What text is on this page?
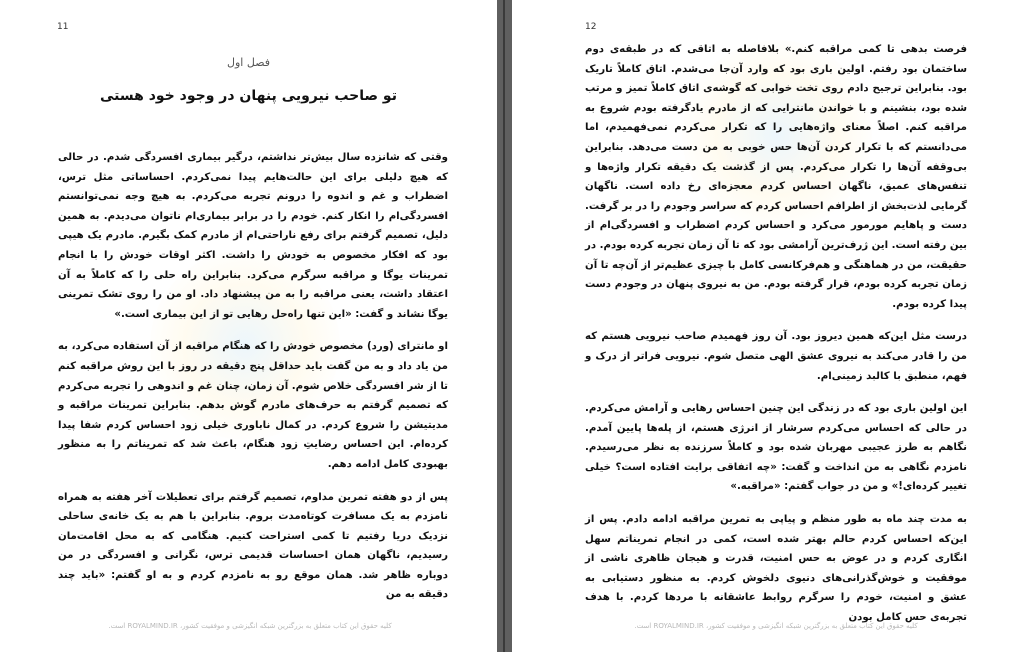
11
فصل اول
تو صاحب نیرویی پنهان در وجود خود هستی

وقتی که شانزده سال بیش‌تر نداشتم، درگیر بیماری افسردگی شدم. در حالی که هیچ دلیلی برای این حالت‌هایم پیدا نمی‌کردم. احساساتی مثل ترس، اضطراب و غم و اندوه را درونم تجربه می‌کردم. به هیچ وجه نمی‌توانستم افسردگی‌ام را انکار کنم. خودم را در برابر بیماری‌ام ناتوان می‌دیدم. به همین دلیل، تصمیم گرفتم برای رفع ناراحتی‌ام از مادرم کمک بگیرم. مادرم یک هیپی بود که افکار مخصوص به خودش را داشت. اکثر اوقات خودش را با انجام تمرینات یوگا و مراقبه سرگرم می‌کرد. بنابراین راه حلی را که کاملاً به آن اعتقاد داشت، یعنی مراقبه را به من پیشنهاد داد. او من را روی تشک تمرینی یوگا نشاند و گفت: «این تنها راه‌حل رهایی تو از این بیماری است.»

او مانترای (ورد) مخصوص خودش را که هنگام مراقبه از آن استفاده می‌کرد، به من یاد داد و به من گفت باید حداقل پنج دقیقه در روز با این روش مراقبه کنم تا از شر افسردگی خلاص شوم. آن زمان، چنان غم و اندوهی را تجربه می‌کردم که تصمیم گرفتم به حرف‌های مادرم گوش بدهم. بنابراین تمرینات مراقبه و مدیتیشن را شروع کردم. در کمال ناباوری خیلی زود احساس کردم شفا پیدا کرده‌ام. این احساس رضایتِ زود هنگام، باعث شد که تمریناتم را به منظور بهبودی کامل ادامه دهم.

پس از دو هفته تمرین مداوم، تصمیم گرفتم برای تعطیلات آخر هفته به همراه نامزدم به یک مسافرت کوتاه‌مدت بروم. بنابراین با هم به یک خانه‌ی ساحلی نزدیک دریا رفتیم تا کمی استراحت کنیم. هنگامی که به محل اقامت‌مان رسیدیم، ناگهان همان احساسات قدیمی ترس، نگرانی و افسردگی در من دوباره ظاهر شد. همان موقع رو به نامزدم کردم و به او گفتم: «باید چند دقیقه به من

کلیه حقوق این کتاب متعلق به بزرگترین شبکه انگیزشی و موفقیت کشور، ROYALMIND.IR است.
12

فرصت بدهی تا کمی مراقبه کنم.» بلافاصله به اتاقی که در طبقه‌ی دوم ساختمان بود رفتم. اولین باری بود که وارد آن‌جا می‌شدم. اتاق کاملاً تاریک بود. بنابراین ترجیح دادم روی تخت خوابی که گوشه‌ی اتاق کاملاً تمیز و مرتب شده بود، بنشینم و با خواندن مانترایی که از مادرم یادگرفته بودم شروع به مراقبه کنم. اصلاً معنای واژه‌هایی را که تکرار می‌کردم نمی‌فهمیدم، اما می‌دانستم که با تکرار کردن آن‌ها حس خوبی به من دست می‌دهد. بنابراین بی‌وقفه آن‌ها را تکرار می‌کردم. پس از گذشت یک دقیقه تکرار واژه‌ها و تنفس‌های عمیق، ناگهان احساس کردم معجزه‌ای رخ داده است. ناگهان گرمایی لذت‌بخش از اطرافم احساس کردم که سراسر وجودم را در بر گرفت. دست و پاهایم مورمور می‌کرد و احساس کردم اضطراب و افسردگی‌ام از بین رفته است. این ژرف‌ترین آرامشی بود که تا آن زمان تجربه کرده بودم. در حقیقت، من در هماهنگی و هم‌فرکانسی کامل با چیزی عظیم‌تر از آن‌چه تا آن زمان تجربه کرده بودم، قرار گرفته بودم. من به نیروی پنهان در وجودم دست پیدا کرده بودم.

درست مثل این‌که همین دیروز بود. آن روز فهمیدم صاحب نیرویی هستم که من را قادر می‌کند به نیروی عشق الهی متصل شوم. نیرویی فراتر از درک و فهم، منطبق با کالبد زمینی‌ام.

این اولین باری بود که در زندگی این چنین احساس رهایی و آرامش می‌کردم. در حالی که احساس می‌کردم سرشار از انرژی هستم، از پله‌ها پایین آمدم. نگاهم به طرز عجیبی مهربان شده بود و کاملاً سرزنده به نظر می‌رسیدم. نامزدم نگاهی به من انداخت و گفت: «چه اتفاقی برایت افتاده است؟ خیلی تغییر کرده‌ای!» و من در جواب گفتم: «مراقبه.»

به مدت چند ماه به طور منظم و پیاپی به تمرین مراقبه ادامه دادم. پس از این‌که احساس کردم حالم بهتر شده است، کمی در انجام تمریناتم سهل انگاری کردم و در عوض به حس امنیت، قدرت و هیجان ظاهری ناشی از موفقیت و خوش‌گذرانی‌های دنیوی دلخوش کردم. به منظور دستیابی به عشق و امنیت، خودم را سرگرم روابط عاشقانه با مردها کردم. با هدف تجربه‌ی حس کامل بودن

کلیه حقوق این کتاب متعلق به بزرگترین شبکه انگیزشی و موفقیت کشور، ROYALMIND.IR است.
